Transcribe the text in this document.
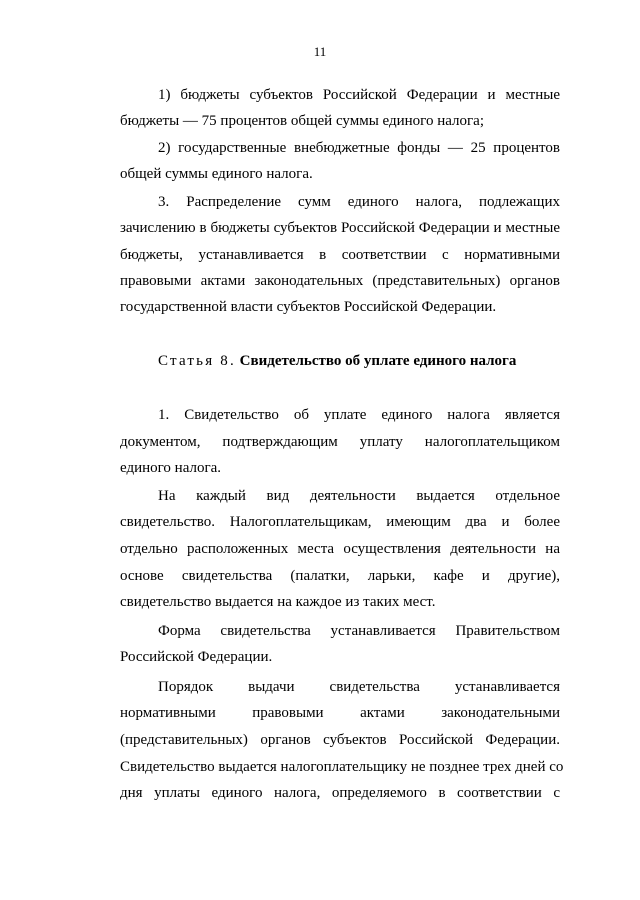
11
1) бюджеты субъектов Российской Федерации и местные
бюджеты — 75 процентов общей суммы единого налога;
2) государственные внебюджетные фонды — 25 процентов
общей суммы единого налога.
3. Распределение сумм единого налога, подлежащих
зачислению в бюджеты субъектов Российской Федерации и местные
бюджеты, устанавливается в соответствии с нормативными
правовыми актами законодательных (представительных) органов
государственной власти субъектов Российской Федерации.
Статья 8. Свидетельство об уплате единого налога
1. Свидетельство об уплате единого налога является
документом, подтверждающим уплату налогоплательщиком
единого налога.
На каждый вид деятельности выдается отдельное
свидетельство. Налогоплательщикам, имеющим два и более
отдельно расположенных места осуществления деятельности на
основе свидетельства (палатки, ларьки, кафе и другие),
свидетельство выдается на каждое из таких мест.
Форма свидетельства устанавливается Правительством
Российской Федерации.
Порядок выдачи свидетельства устанавливается
нормативными правовыми актами законодательными
(представительных) органов субъектов Российской Федерации.
Свидетельство выдается налогоплательщику не позднее трех дней со
дня уплаты единого налога, определяемого в соответствии с
